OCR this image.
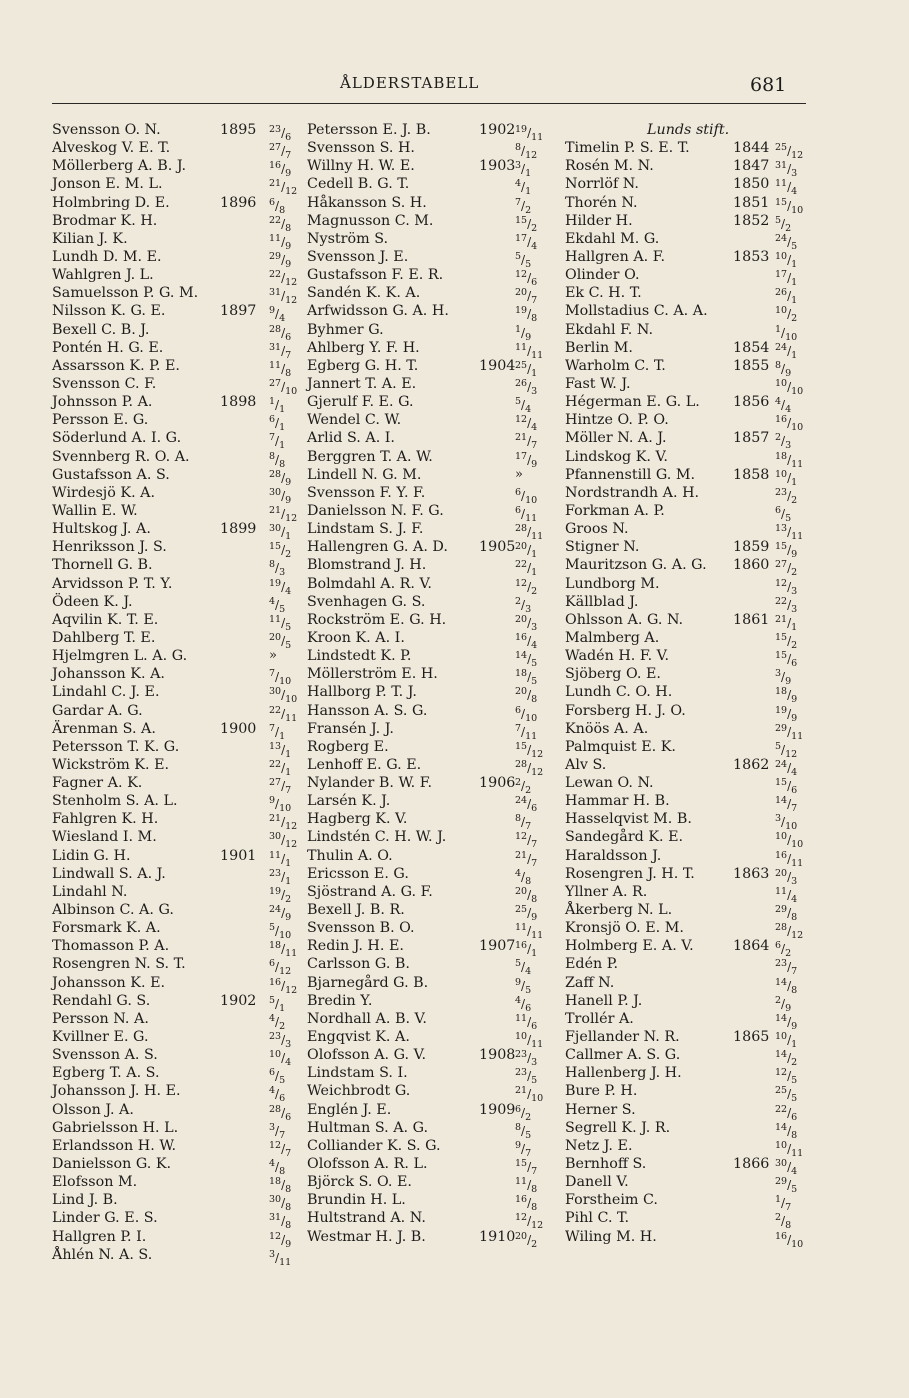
ÅLDERSTABELL	681
Svensson O. N.	1895 $^{23}/_6$
Alveskog V. E. T.	$^{27}/_7$
Möllerberg A. B. J.	$^{16}/_9$
Jonson E. M. L.	$^{21}/_{12}$
Holmbring D. E.	1896 $^6/_8$
Brodmar K. H.	$^{22}/_8$
Kilian J. K.	$^{11}/_9$
Lundh D. M. E.	$^{29}/_9$
Wahlgren J. L.	$^{22}/_{12}$
Samuelsson P. G. M.	$^{31}/_{12}$
Nilsson K. G. E.	1897 $^9/_4$
Bexell C. B. J.	$^{28}/_6$
Pontén H. G. E.	$^{31}/_7$
Assarsson K. P. E.	$^{11}/_8$
Svensson C. F.	$^{27}/_{10}$
Johnsson P. A.	1898 $^1/_1$
Persson E. G.	$^6/_1$
Söderlund A. I. G.	$^7/_1$
Svennberg R. O. A.	$^8/_8$
Gustafsson A. S.	$^{28}/_9$
Wirdesjö K. A.	$^{30}/_9$
Wallin E. W.	$^{21}/_{12}$
Hultskog J. A.	1899 $^{30}/_1$
Henriksson J. S.	$^{15}/_2$
Thornell G. B.	$^8/_3$
Arvidsson P. T. Y.	$^{19}/_4$
Ödeen K. J.	$^4/_5$
Aqvilin K. T. E.	$^{11}/_5$
Dahlberg T. E.	$^{20}/_5$
Hjelmgren L. A. G.	»
Johansson K. A.	$^7/_{10}$
Lindahl C. J. E.	$^{30}/_{10}$
Gardar A. G.	$^{22}/_{11}$
Ärenman S. A.	1900 $^7/_1$
Petersson T. K. G.	$^{13}/_1$
Wickström K. E.	$^{22}/_1$
Fagner A. K.	$^{27}/_7$
Stenholm S. A. L.	$^9/_{10}$
Fahlgren K. H.	$^{21}/_{12}$
Wiesland I. M.	$^{30}/_{12}$
Lidin G. H.	1901 $^{11}/_1$
Lindwall S. A. J.	$^{23}/_1$
Lindahl N.	$^{19}/_2$
Albinson C. A. G.	$^{24}/_9$
Forsmark K. A.	$^5/_{10}$
Thomasson P. A.	$^{18}/_{11}$
Rosengren N. S. T.	$^6/_{12}$
Johansson K. E.	$^{16}/_{12}$
Rendahl G. S.	1902 $^5/_1$
Persson N. A.	$^4/_2$
Kvillner E. G.	$^{23}/_3$
Svensson A. S.	$^{10}/_4$
Egberg T. A. S.	$^6/_5$
Johansson J. H. E.	$^4/_6$
Olsson J. A.	$^{28}/_6$
Gabrielsson H. L.	$^3/_7$
Erlandsson H. W.	$^{12}/_7$
Danielsson G. K.	$^4/_8$
Elofsson M.	$^{18}/_8$
Lind J. B.	$^{30}/_8$
Linder G. E. S.	$^{31}/_8$
Hallgren P. I.	$^{12}/_9$
Åhlén N. A. S.	$^3/_{11}$
Petersson E. J. B.	1902 $^{19}/_{11}$
Svensson S. H.	$^8/_{12}$
Willny H. W. E.	1903 $^3/_1$
Cedell B. G. T.	$^4/_1$
Håkansson S. H.	$^7/_2$
Magnusson C. M.	$^{15}/_2$
Nyström S.	$^{17}/_4$
Svensson J. E.	$^5/_5$
Gustafsson F. E. R.	$^{12}/_6$
Sandén K. K. A.	$^{20}/_7$
Arfwidsson G. A. H.	$^{19}/_8$
Byhmer G.	$^1/_9$
Ahlberg Y. F. H.	$^{11}/_{11}$
Egberg G. H. T.	1904 $^{25}/_1$
Jannert T. A. E.	$^{26}/_3$
Gjerulf F. E. G.	$^5/_4$
Wendel C. W.	$^{12}/_4$
Arlid S. A. I.	$^{21}/_7$
Berggren T. A. W.	$^{17}/_9$
Lindell N. G. M.	»
Svensson F. Y. F.	$^6/_{10}$
Danielsson N. F. G.	$^6/_{11}$
Lindstam S. J. F.	$^{28}/_{11}$
Hallengren G. A. D. 1905 $^{20}/_1$
Blomstrand J. H.	$^{22}/_1$
Bolmdahl A. R. V.	$^{12}/_2$
Svenhagen G. S.	$^2/_3$
Rockström E. G. H.	$^{20}/_3$
Kroon K. A. I.	$^{16}/_4$
Lindstedt K. P.	$^{14}/_5$
Möllerström E. H.	$^{18}/_5$
Hallborg P. T. J.	$^{20}/_8$
Hansson A. S. G.	$^6/_{10}$
Fransén J. J.	$^7/_{11}$
Rogberg E.	$^{15}/_{12}$
Lenhoff E. G. E.	$^{28}/_{12}$
Nylander B. W. F.	1906 $^2/_2$
Larsén K. J.	$^{24}/_6$
Hagberg K. V.	$^8/_7$
Lindstén C. H. W. J.	$^{12}/_7$
Thulin A. O.	$^{21}/_7$
Ericsson E. G.	$^4/_8$
Sjöstrand A. G. F.	$^{20}/_8$
Bexell J. B. R.	$^{25}/_9$
Svensson B. O.	$^{11}/_{11}$
Redin J. H. E.	1907 $^{16}/_1$
Carlsson G. B.	$^5/_4$
Bjarnegård G. B.	$^9/_5$
Bredin Y.	$^4/_6$
Nordhall A. B. V.	$^{11}/_6$
Engqvist K. A.	$^{10}/_{11}$
Olofsson A. G. V.	1908 $^{23}/_3$
Lindstam S. I.	$^{23}/_5$
Weichbrodt G.	$^{21}/_{10}$
Englén J. E.	1909 $^6/_2$
Hultman S. A. G.	$^8/_5$
Colliander K. S. G.	$^9/_7$
Olofsson A. R. L.	$^{15}/_7$
Björck S. O. E.	$^{11}/_8$
Brundin H. L.	$^{16}/_8$
Hultstrand A. N.	$^{12}/_{12}$
Westmar H. J. B.	1910 $^{20}/_2$
Lunds stift.
Timelin P. S. E. T.	1844 $^{25}/_{12}$
Rosén M. N.	1847 $^{31}/_3$
Norrlöf N.	1850 $^{11}/_4$
Thorén N.	1851 $^{15}/_{10}$
Hilder H.	1852 $^5/_2$
Ekdahl M. G.	$^{24}/_5$
Hallgren A. F.	1853 $^{10}/_1$
Olinder O.	$^{17}/_1$
Ek C. H. T.	$^{26}/_1$
Mollstadius C. A. A.	$^{10}/_2$
Ekdahl F. N.	$^1/_{10}$
Berlin M.	1854 $^{24}/_1$
Warholm C. T.	1855 $^8/_9$
Fast W. J.	$^{10}/_{10}$
Hégerman E. G. L. 1856 $^4/_4$
Hintze O. P. O.	$^{16}/_{10}$
Möller N. A. J.	1857 $^2/_3$
Lindskog K. V.	$^{18}/_{11}$
Pfannenstill G. M.	1858 $^{10}/_1$
Nordstrandh A. H.	$^{23}/_2$
Forkman A. P.	$^6/_5$
Groos N.	$^{13}/_{11}$
Stigner N.	1859 $^{15}/_9$
Mauritzson G. A. G. 1860 $^{27}/_2$
Lundborg M.	$^{12}/_3$
Källblad J.	$^{22}/_3$
Ohlsson A. G. N.	1861 $^{21}/_1$
Malmberg A.	$^{15}/_2$
Wadén H. F. V.	$^{15}/_6$
Sjöberg O. E.	$^3/_9$
Lundh C. O. H.	$^{18}/_9$
Forsberg H. J. O.	$^{19}/_9$
Knöös A. A.	$^{29}/_{11}$
Palmquist E. K.	$^5/_{12}$
Alv S.	1862 $^{24}/_4$
Lewan O. N.	$^{15}/_6$
Hammar H. B.	$^{14}/_7$
Hasselqvist M. B.	$^3/_{10}$
Sandegård K. E.	$^{10}/_{10}$
Haraldsson J.	$^{16}/_{11}$
Rosengren J. H. T.	1863 $^{20}/_3$
Yllner A. R.	$^{11}/_4$
Åkerberg N. L.	$^{29}/_8$
Kronsjö O. E. M.	$^{28}/_{12}$
Holmberg E. A. V.	1864 $^6/_2$
Edén P.	$^{23}/_7$
Zaff N.	$^{14}/_8$
Hanell P. J.	$^2/_9$
Trollér A.	$^{14}/_9$
Fjellander N. R.	1865 $^{10}/_1$
Callmer A. S. G.	$^{14}/_2$
Hallenberg J. H.	$^{12}/_5$
Bure P. H.	$^{25}/_5$
Herner S.	$^{22}/_6$
Segrell K. J. R.	$^{14}/_8$
Netz J. E.	$^{10}/_{11}$
Bernhoff S.	1866 $^{30}/_4$
Danell V.	$^{29}/_5$
Forstheim C.	$^1/_7$
Pihl C. T.	$^2/_8$
Wiling M. H.	$^{16}/_{10}$
